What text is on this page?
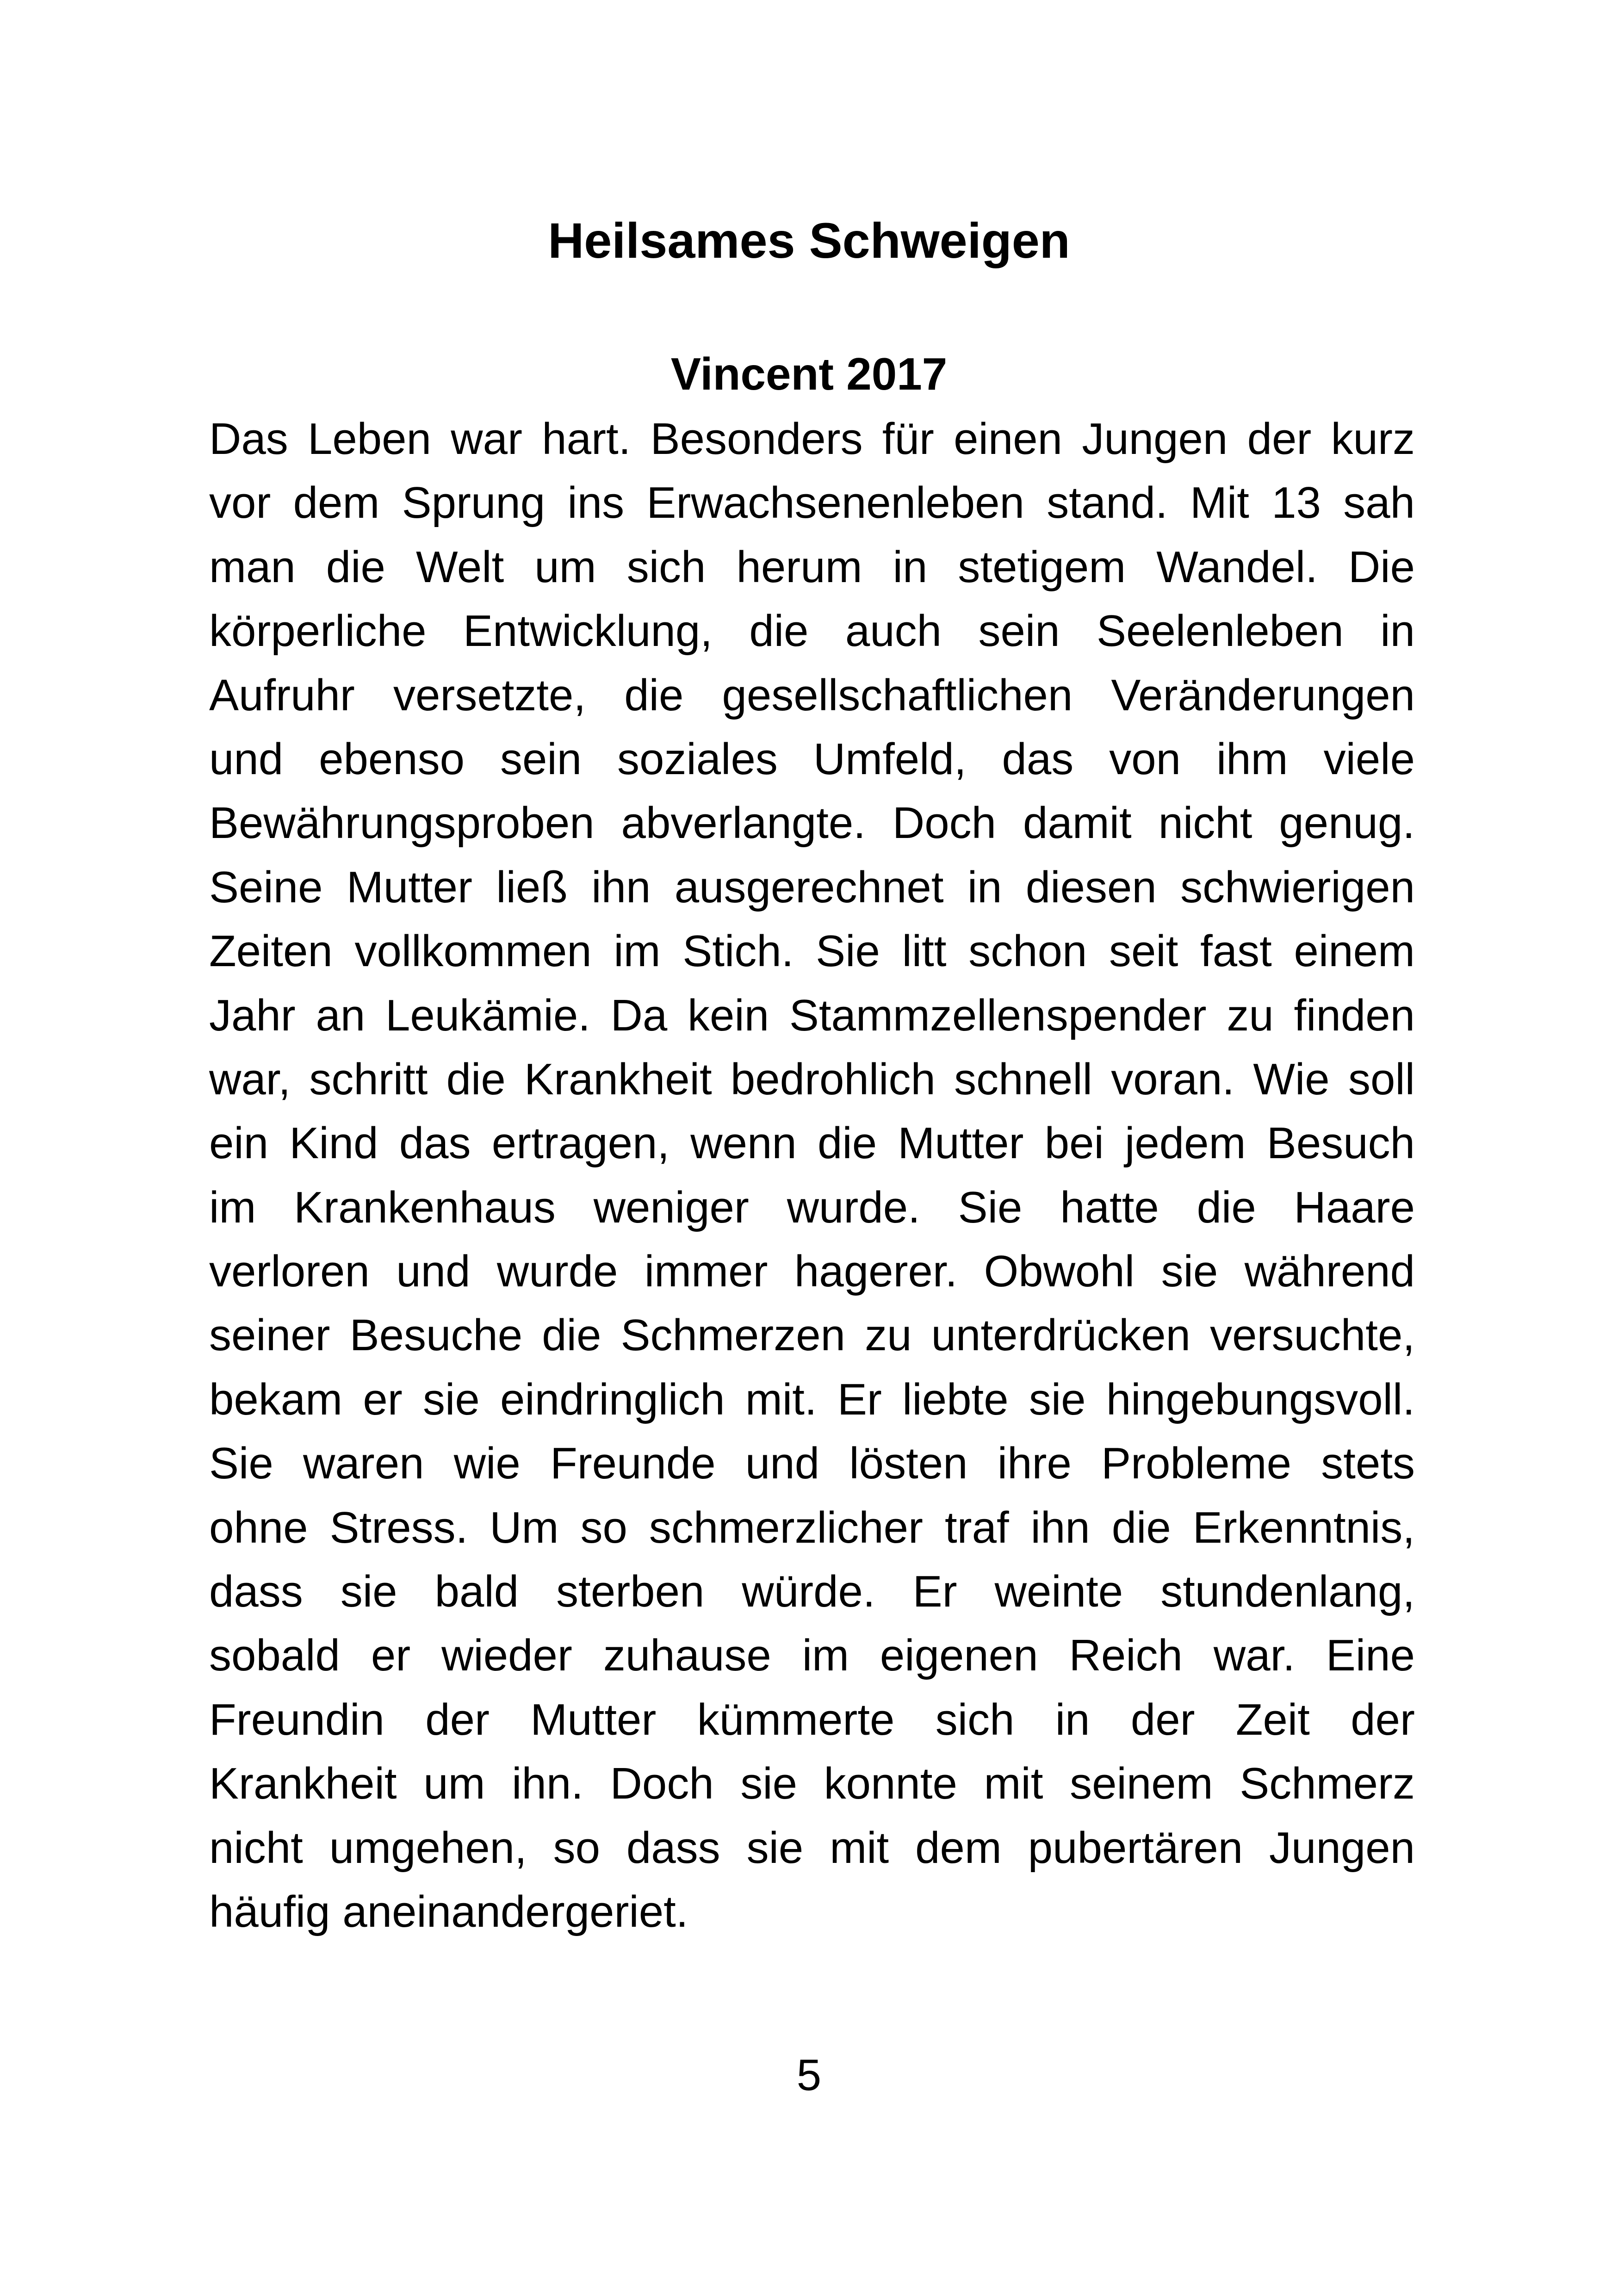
Heilsames Schweigen
Vincent 2017
Das Leben war hart. Besonders für einen Jungen der kurz
vor dem Sprung ins Erwachsenenleben stand. Mit 13 sah
man die Welt um sich herum in stetigem Wandel. Die
körperliche Entwicklung, die auch sein Seelenleben in
Aufruhr versetzte, die gesellschaftlichen Veränderungen
und ebenso sein soziales Umfeld, das von ihm viele
Bewährungsproben abverlangte. Doch damit nicht genug.
Seine Mutter ließ ihn ausgerechnet in diesen schwierigen
Zeiten vollkommen im Stich. Sie litt schon seit fast einem
Jahr an Leukämie. Da kein Stammzellenspender zu finden
war, schritt die Krankheit bedrohlich schnell voran. Wie soll
ein Kind das ertragen, wenn die Mutter bei jedem Besuch
im Krankenhaus weniger wurde. Sie hatte die Haare
verloren und wurde immer hagerer. Obwohl sie während
seiner Besuche die Schmerzen zu unterdrücken versuchte,
bekam er sie eindringlich mit. Er liebte sie hingebungsvoll.
Sie waren wie Freunde und lösten ihre Probleme stets
ohne Stress. Um so schmerzlicher traf ihn die Erkenntnis,
dass sie bald sterben würde. Er weinte stundenlang,
sobald er wieder zuhause im eigenen Reich war. Eine
Freundin der Mutter kümmerte sich in der Zeit der
Krankheit um ihn. Doch sie konnte mit seinem Schmerz
nicht umgehen, so dass sie mit dem pubertären Jungen
häufig aneinandergeriet.
5
